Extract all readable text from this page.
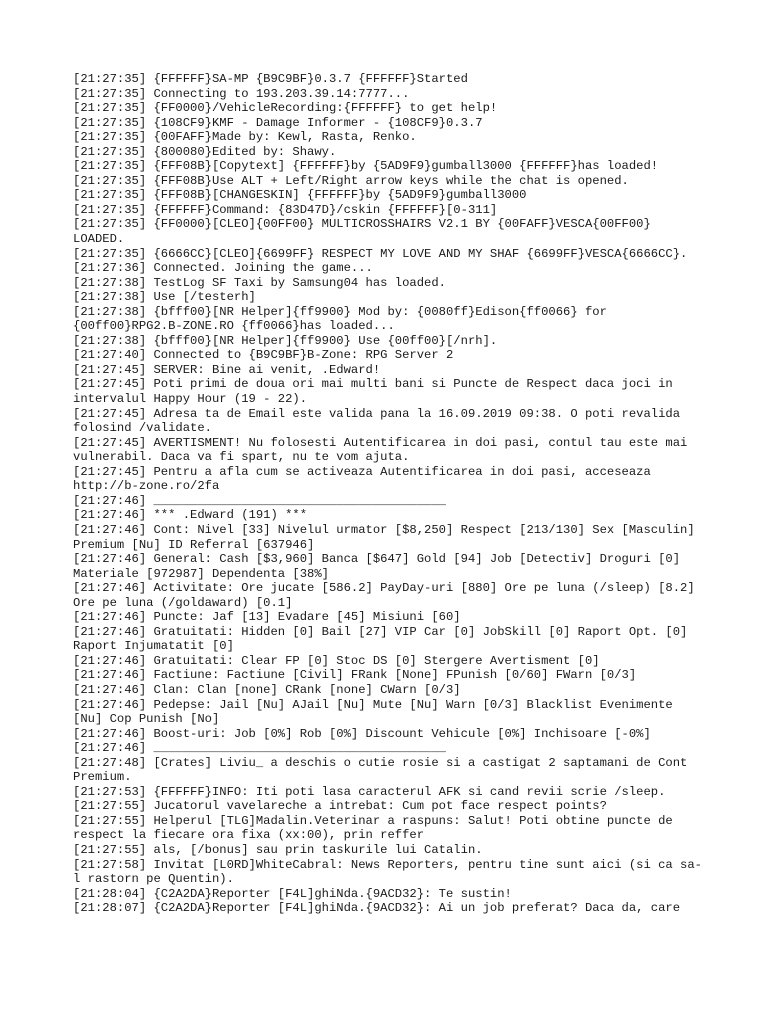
[21:27:35] {FFFFFF}SA-MP {B9C9BF}0.3.7 {FFFFFF}Started
[21:27:35] Connecting to 193.203.39.14:7777...
[21:27:35] {FF0000}/VehicleRecording:{FFFFFF} to get help!
[21:27:35] {108CF9}KMF - Damage Informer - {108CF9}0.3.7
[21:27:35] {00FAFF}Made by: Kewl, Rasta, Renko.
[21:27:35] {800080}Edited by: Shawy.
[21:27:35] {FFF08B}[Copytext] {FFFFFF}by {5AD9F9}gumball3000 {FFFFFF}has loaded!
[21:27:35] {FFF08B}Use ALT + Left/Right arrow keys while the chat is opened.
[21:27:35] {FFF08B}[CHANGESKIN] {FFFFFF}by {5AD9F9}gumball3000
[21:27:35] {FFFFFF}Command: {83D47D}/cskin {FFFFFF}[0-311]
[21:27:35] {FF0000}[CLEO]{00FF00} MULTICROSSHAIRS V2.1 BY {00FAFF}VESCA{00FF00} LOADED.
[21:27:35] {6666CC}[CLEO]{6699FF} RESPECT MY LOVE AND MY SHAF {6699FF}VESCA{6666CC}.
[21:27:36] Connected. Joining the game...
[21:27:38] TestLog SF Taxi by Samsung04 has loaded.
[21:27:38] Use [/testerh]
[21:27:38] {bfff00}[NR Helper]{ff9900} Mod by: {0080ff}Edison{ff0066} for {00ff00}RPG2.B-ZONE.RO {ff0066}has loaded...
[21:27:38] {bfff00}[NR Helper]{ff9900} Use {00ff00}[/nrh].
[21:27:40] Connected to {B9C9BF}B-Zone: RPG Server 2
[21:27:45] SERVER: Bine ai venit, .Edward!
[21:27:45] Poti primi de doua ori mai multi bani si Puncte de Respect daca joci in intervalul Happy Hour (19 - 22).
[21:27:45] Adresa ta de Email este valida pana la 16.09.2019 09:38. O poti revalida folosind /validate.
[21:27:45] AVERTISMENT! Nu folosesti Autentificarea in doi pasi, contul tau este mai vulnerabil. Daca va fi spart, nu te vom ajuta.
[21:27:45] Pentru a afla cum se activeaza Autentificarea in doi pasi, acceseaza http://b-zone.ro/2fa
[21:27:46] ________________________________________
[21:27:46] *** .Edward (191) ***
[21:27:46] Cont: Nivel [33] Nivelul urmator [$8,250] Respect [213/130] Sex [Masculin] Premium [Nu] ID Referral [637946]
[21:27:46] General: Cash [$3,960] Banca [$647] Gold [94] Job [Detectiv] Droguri [0] Materiale [972987] Dependenta [38%]
[21:27:46] Activitate: Ore jucate [586.2] PayDay-uri [880] Ore pe luna (/sleep) [8.2] Ore pe luna (/goldaward) [0.1]
[21:27:46] Puncte: Jaf [13] Evadare [45] Misiuni [60]
[21:27:46] Gratuitati: Hidden [0] Bail [27] VIP Car [0] JobSkill [0] Raport Opt. [0] Raport Injumatatit [0]
[21:27:46] Gratuitati: Clear FP [0] Stoc DS [0] Stergere Avertisment [0]
[21:27:46] Factiune: Factiune [Civil] FRank [None] FPunish [0/60] FWarn [0/3]
[21:27:46] Clan: Clan [none] CRank [none] CWarn [0/3]
[21:27:46] Pedepse: Jail [Nu] AJail [Nu] Mute [Nu] Warn [0/3] Blacklist Evenimente [Nu] Cop Punish [No]
[21:27:46] Boost-uri: Job [0%] Rob [0%] Discount Vehicule [0%] Inchisoare [-0%]
[21:27:46] ________________________________________
[21:27:48] [Crates] Liviu_ a deschis o cutie rosie si a castigat 2 saptamani de Cont Premium.
[21:27:53] {FFFFFF}INFO: Iti poti lasa caracterul AFK si cand revii scrie /sleep.
[21:27:55] Jucatorul vavelareche a intrebat: Cum pot face respect points?
[21:27:55] Helperul [TLG]Madalin.Veterinar a raspuns: Salut! Poti obtine puncte de respect la fiecare ora fixa (xx:00), prin reffer
[21:27:55] als, [/bonus] sau prin taskurile lui Catalin.
[21:27:58] Invitat [L0RD]WhiteCabral: News Reporters, pentru tine sunt aici (si ca sa-l rastorn pe Quentin).
[21:28:04] {C2A2DA}Reporter [F4L]ghiNda.{9ACD32}: Te sustin!
[21:28:07] {C2A2DA}Reporter [F4L]ghiNda.{9ACD32}: Ai un job preferat? Daca da, care
